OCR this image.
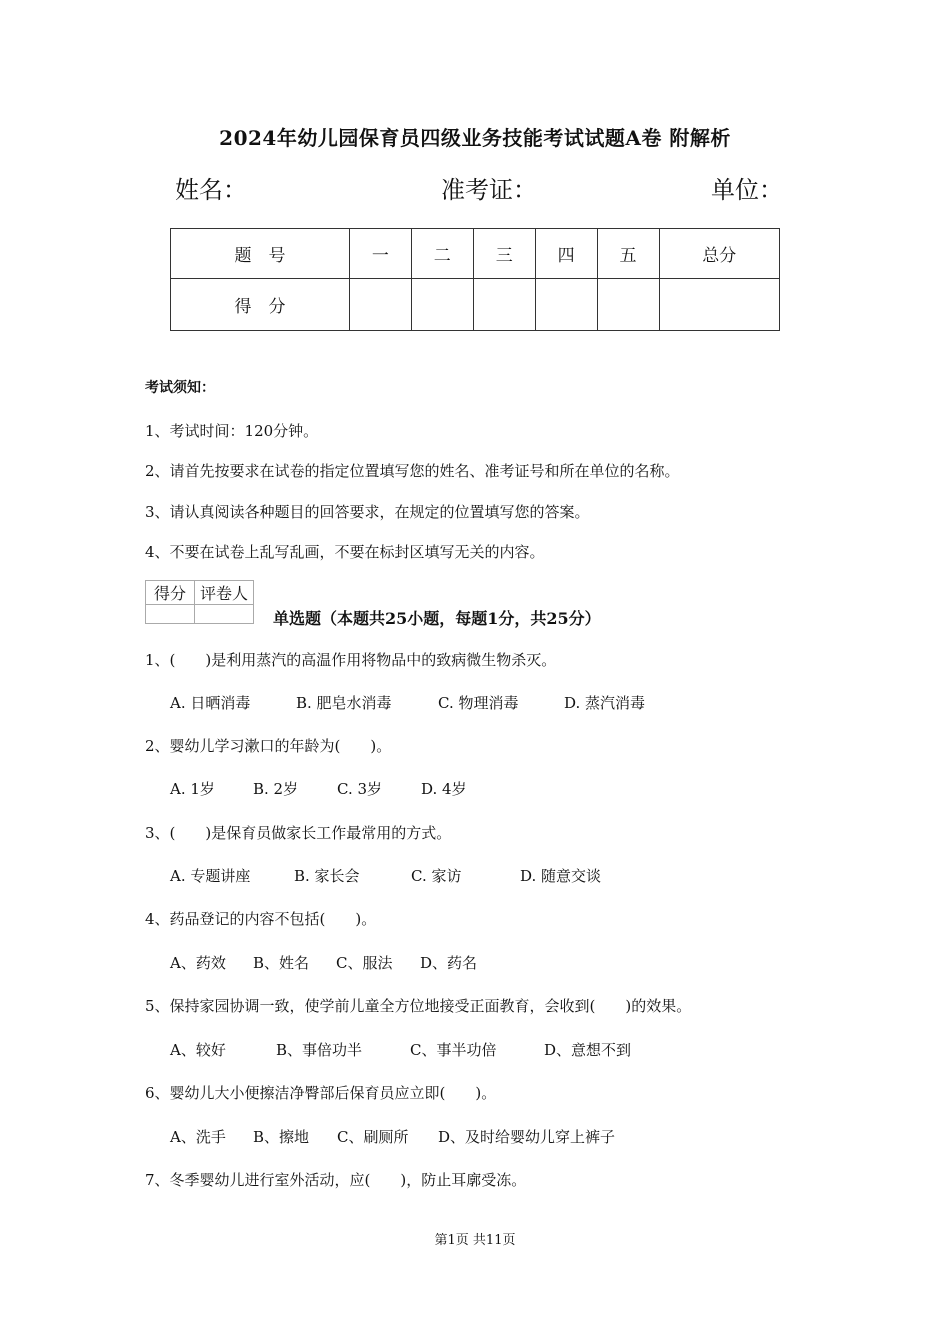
2024年幼儿园保育员四级业务技能考试试题A卷 附解析
姓名：	准考证：	单位：
题　号	一	二	三	四	五	总分
得　分						
考试须知：
1、考试时间：120分钟。
2、请首先按要求在试卷的指定位置填写您的姓名、准考证号和所在单位的名称。
3、请认真阅读各种题目的回答要求，在规定的位置填写您的答案。
4、不要在试卷上乱写乱画，不要在标封区填写无关的内容。
得分	评卷人

单选题（本题共25小题，每题1分，共25分）
1、(　　)是利用蒸汽的高温作用将物品中的致病微生物杀灭。
A. 日晒消毒	B. 肥皂水消毒	C. 物理消毒	D. 蒸汽消毒
2、婴幼儿学习漱口的年龄为(　　)。
A. 1岁	B. 2岁	C. 3岁	D. 4岁
3、(　　)是保育员做家长工作最常用的方式。
A. 专题讲座	B. 家长会	C. 家访	D. 随意交谈
4、药品登记的内容不包括(　　)。
A、药效 B、姓名 C、服法 D、药名
5、保持家园协调一致，使学前儿童全方位地接受正面教育，会收到(　　)的效果。
A、较好	B、事倍功半	C、事半功倍	D、意想不到
6、婴幼儿大小便擦洁净臀部后保育员应立即(　　)。
A、洗手 B、擦地 C、刷厕所 D、及时给婴幼儿穿上裤子
7、冬季婴幼儿进行室外活动，应(　　)，防止耳廓受冻。
第1页 共11页
